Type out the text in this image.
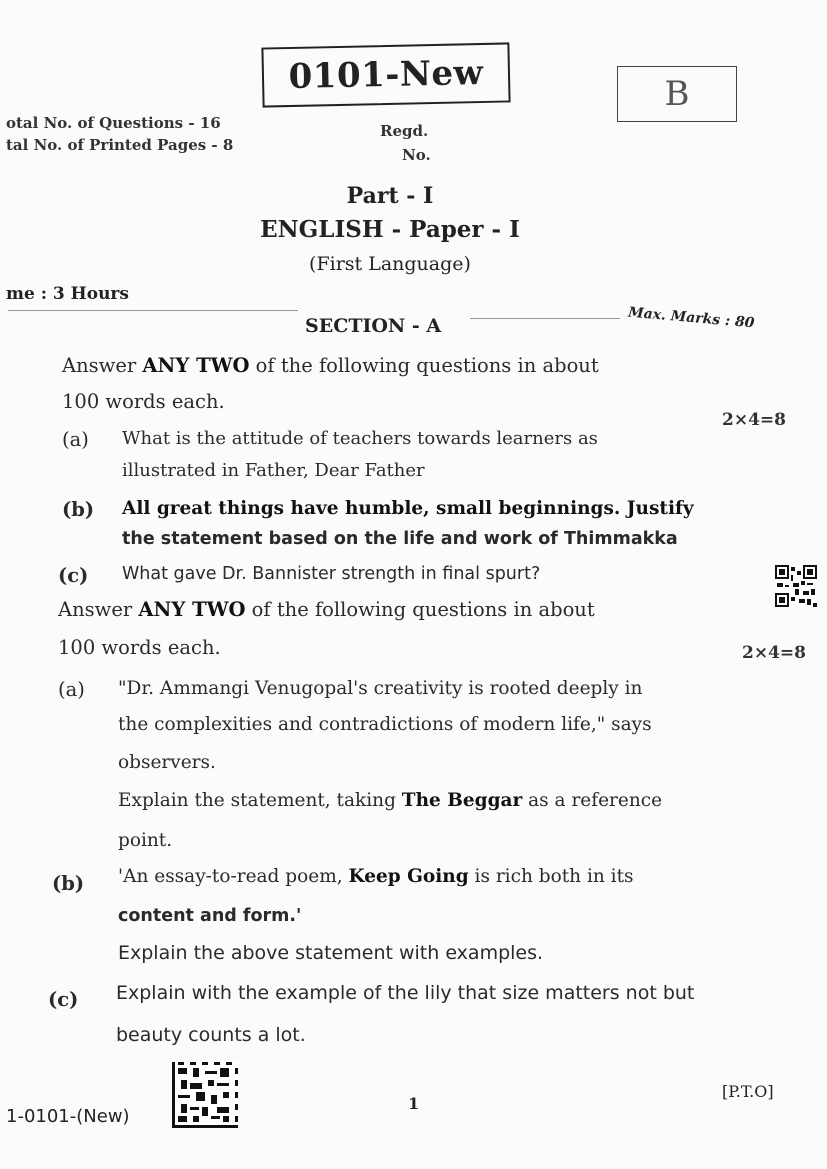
0101-New	B
otal No. of Questions - 16
tal No. of Printed Pages - 8
Regd.
No.
Part - I
ENGLISH - Paper - I
(First Language)
me : 3 Hours
Max. Marks : 80
SECTION - A
Answer ANY TWO of the following questions in about
100 words each.
2×4=8
(a) What is the attitude of teachers towards learners as
illustrated in Father, Dear Father
(b) All great things have humble, small beginnings. Justify
the statement based on the life and work of Thimmakka
(c) What gave Dr. Bannister strength in final spurt?
Answer ANY TWO of the following questions in about
100 words each.	2×4=8
(a) "Dr. Ammangi Venugopal's creativity is rooted deeply in
the complexities and contradictions of modern life," says
observers.
Explain the statement, taking The Beggar as a reference
point.
(b) 'An essay-to-read poem, Keep Going is rich both in its
content and form.'
Explain the above statement with examples.
(c) Explain with the example of the lily that size matters not but
beauty counts a lot.
1-0101-(New)
1
[P.T.O]
